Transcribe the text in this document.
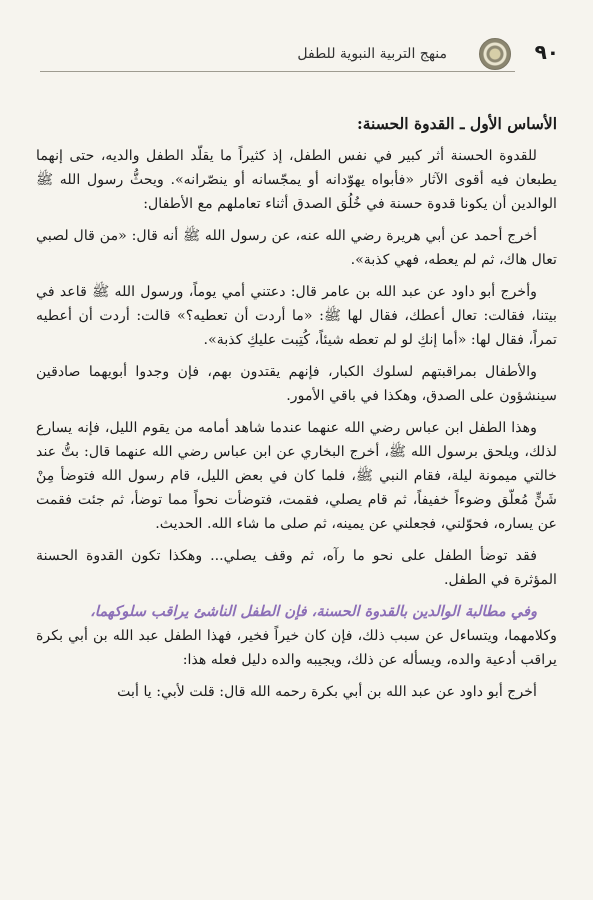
٩٠
منهج التربية النبوية للطفل

الأساس الأول ـ القدوة الحسنة:

للقدوة الحسنة أثر كبير في نفس الطفل، إذ كثيراً ما يقلّد الطفل والديه، حتى إنهما يطبعان فيه أقوى الآثار «فأبواه يهوّدانه أو يمجّسانه أو ينصّرانه». ويحثُّ رسول الله ﷺ الوالدين أن يكونا قدوة حسنة في خُلُق الصدق أثناء تعاملهم مع الأطفال:

أخرج أحمد عن أبي هريرة رضي الله عنه، عن رسول الله ﷺ أنه قال: «من قال لصبي تعال هاك، ثم لم يعطه، فهي كذبة».

وأخرج أبو داود عن عبد الله بن عامر قال: دعتني أمي يوماً، ورسول الله ﷺ قاعد في بيتنا، فقالت: تعال أعطك، فقال لها ﷺ: «ما أردت أن تعطيه؟» قالت: أردت أن أعطيه تمراً، فقال لها: «أما إنكِ لو لم تعطه شيئاً، كُتِبت عليكِ كذبة».

والأطفال بمراقبتهم لسلوك الكبار، فإنهم يقتدون بهم، فإن وجدوا أبويهما صادقين سينشؤون على الصدق، وهكذا في باقي الأمور.

وهذا الطفل ابن عباس رضي الله عنهما عندما شاهد أمامه من يقوم الليل، فإنه يسارع لذلك، ويلحق برسول الله ﷺ، أخرج البخاري عن ابن عباس رضي الله عنهما قال: بتُّ عند خالتي ميمونة ليلة، فقام النبي ﷺ، فلما كان في بعض الليل، قام رسول الله فتوضأ مِنْ شَنٍّ مُعلّق وضوءاً خفيفاً، ثم قام يصلي، فقمت، فتوضأت نحواً مما توضأ، ثم جئت فقمت عن يساره، فحوّلني، فجعلني عن يمينه، ثم صلى ما شاء الله. الحديث.

فقد توضأ الطفل على نحو ما رآه، ثم وقف يصلي... وهكذا تكون القدوة الحسنة المؤثرة في الطفل.

وفي مطالبة الوالدين بالقدوة الحسنة، فإن الطفل الناشئ يراقب سلوكهما،

وكلامهما، ويتساءل عن سبب ذلك، فإن كان خيراً فخير، فهذا الطفل عبد الله بن أبي بكرة يراقب أدعية والده، ويسأله عن ذلك، ويجيبه والده دليل فعله هذا:

أخرج أبو داود عن عبد الله بن أبي بكرة رحمه الله قال: قلت لأبي: يا أبت
